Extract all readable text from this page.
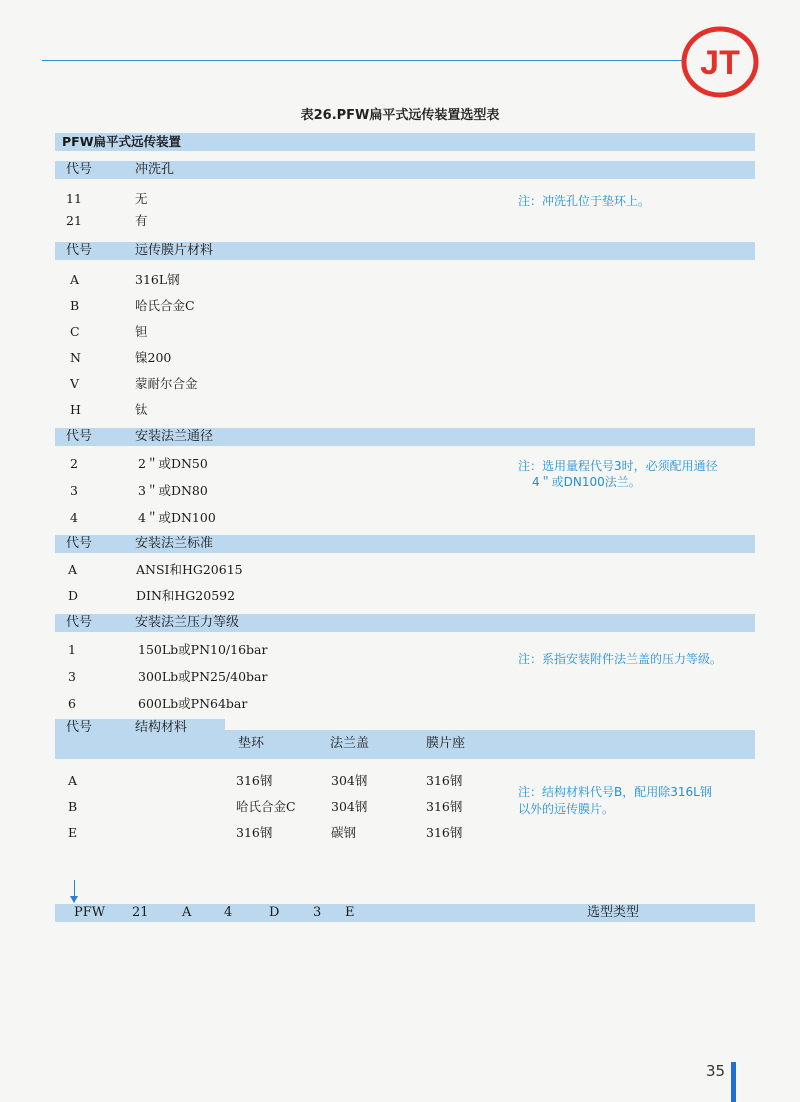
JT
表26.PFW扁平式远传装置选型表
PFW扁平式远传装置
代号	冲洗孔
11	无
21	有
注：冲洗孔位于垫环上。
代号	远传膜片材料
A	316L钢
B	哈氏合金C
C	钽
N	镍200
V	蒙耐尔合金
H	钛
代号	安装法兰通径
2	2＂或DN50
3	3＂或DN80
4	4＂或DN100
注：选用量程代号3时，必须配用通径
4＂或DN100法兰。
代号	安装法兰标准
A	ANSI和HG20615
D	DIN和HG20592
代号	安装法兰压力等级
1	150Lb或PN10/16bar
3	300Lb或PN25/40bar
6	600Lb或PN64bar
注：系指安装附件法兰盖的压力等级。
代号	结构材料
垫环	法兰盖	膜片座
A	316钢	304钢	316钢
B	哈氏合金C	304钢	316钢
E	316钢	碳钢	316钢
注：结构材料代号B，配用除316L钢
以外的远传膜片。
PFW 21	A	4	D	3 E	选型类型
35
